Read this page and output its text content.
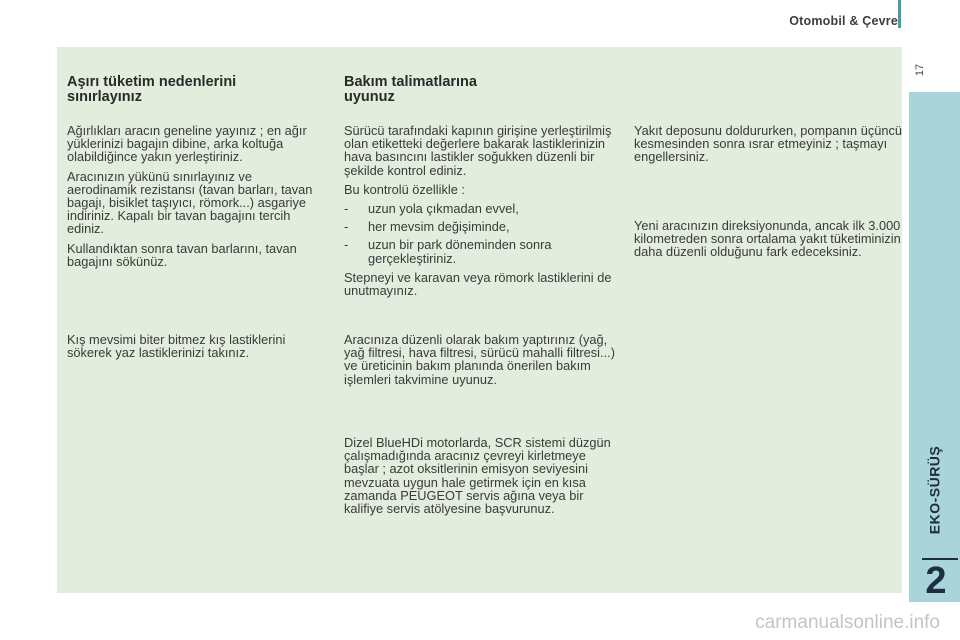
Otomobil & Çevre
17
EKO-SÜRÜŞ
2
Aşırı tüketim nedenlerini
sınırlayınız

Ağırlıkları aracın geneline yayınız ; en ağır yüklerinizi bagajın dibine, arka koltuğa olabildiğince yakın yerleştiriniz.

Aracınızın yükünü sınırlayınız ve aerodinamik rezistansı (tavan barları, tavan bagajı, bisiklet taşıyıcı, römork...) asgariye indiriniz. Kapalı bir tavan bagajını tercih ediniz.

Kullandıktan sonra tavan barlarını, tavan bagajını sökünüz.

Kış mevsimi biter bitmez kış lastiklerini sökerek yaz lastiklerinizi takınız.

Bakım talimatlarına
uyunuz

Sürücü tarafındaki kapının girişine yerleştirilmiş olan etiketteki değerlere bakarak lastiklerinizin hava basıncını lastikler soğukken düzenli bir şekilde kontrol ediniz.

Bu kontrolü özellikle :

- uzun yola çıkmadan evvel,
- her mevsim değişiminde,
- uzun bir park döneminden sonra gerçekleştiriniz.

Stepneyi ve karavan veya römork lastiklerini de unutmayınız.

Aracınıza düzenli olarak bakım yaptırınız (yağ, yağ filtresi, hava filtresi, sürücü mahalli filtresi...) ve üreticinin bakım planında önerilen bakım işlemleri takvimine uyunuz.

Dizel BlueHDi motorlarda, SCR sistemi düzgün çalışmadığında aracınız çevreyi kirletmeye başlar ; azot oksitlerinin emisyon seviyesini mevzuata uygun hale getirmek için en kısa zamanda PEUGEOT servis ağına veya bir kalifiye servis atölyesine başvurunuz.

Yakıt deposunu doldururken, pompanın üçüncü kesmesinden sonra ısrar etmeyiniz ; taşmayı engellersiniz.

Yeni aracınızın direksiyonunda, ancak ilk 3.000 kilometreden sonra ortalama yakıt tüketiminizin daha düzenli olduğunu fark edeceksiniz.

carmanualsonline.info
